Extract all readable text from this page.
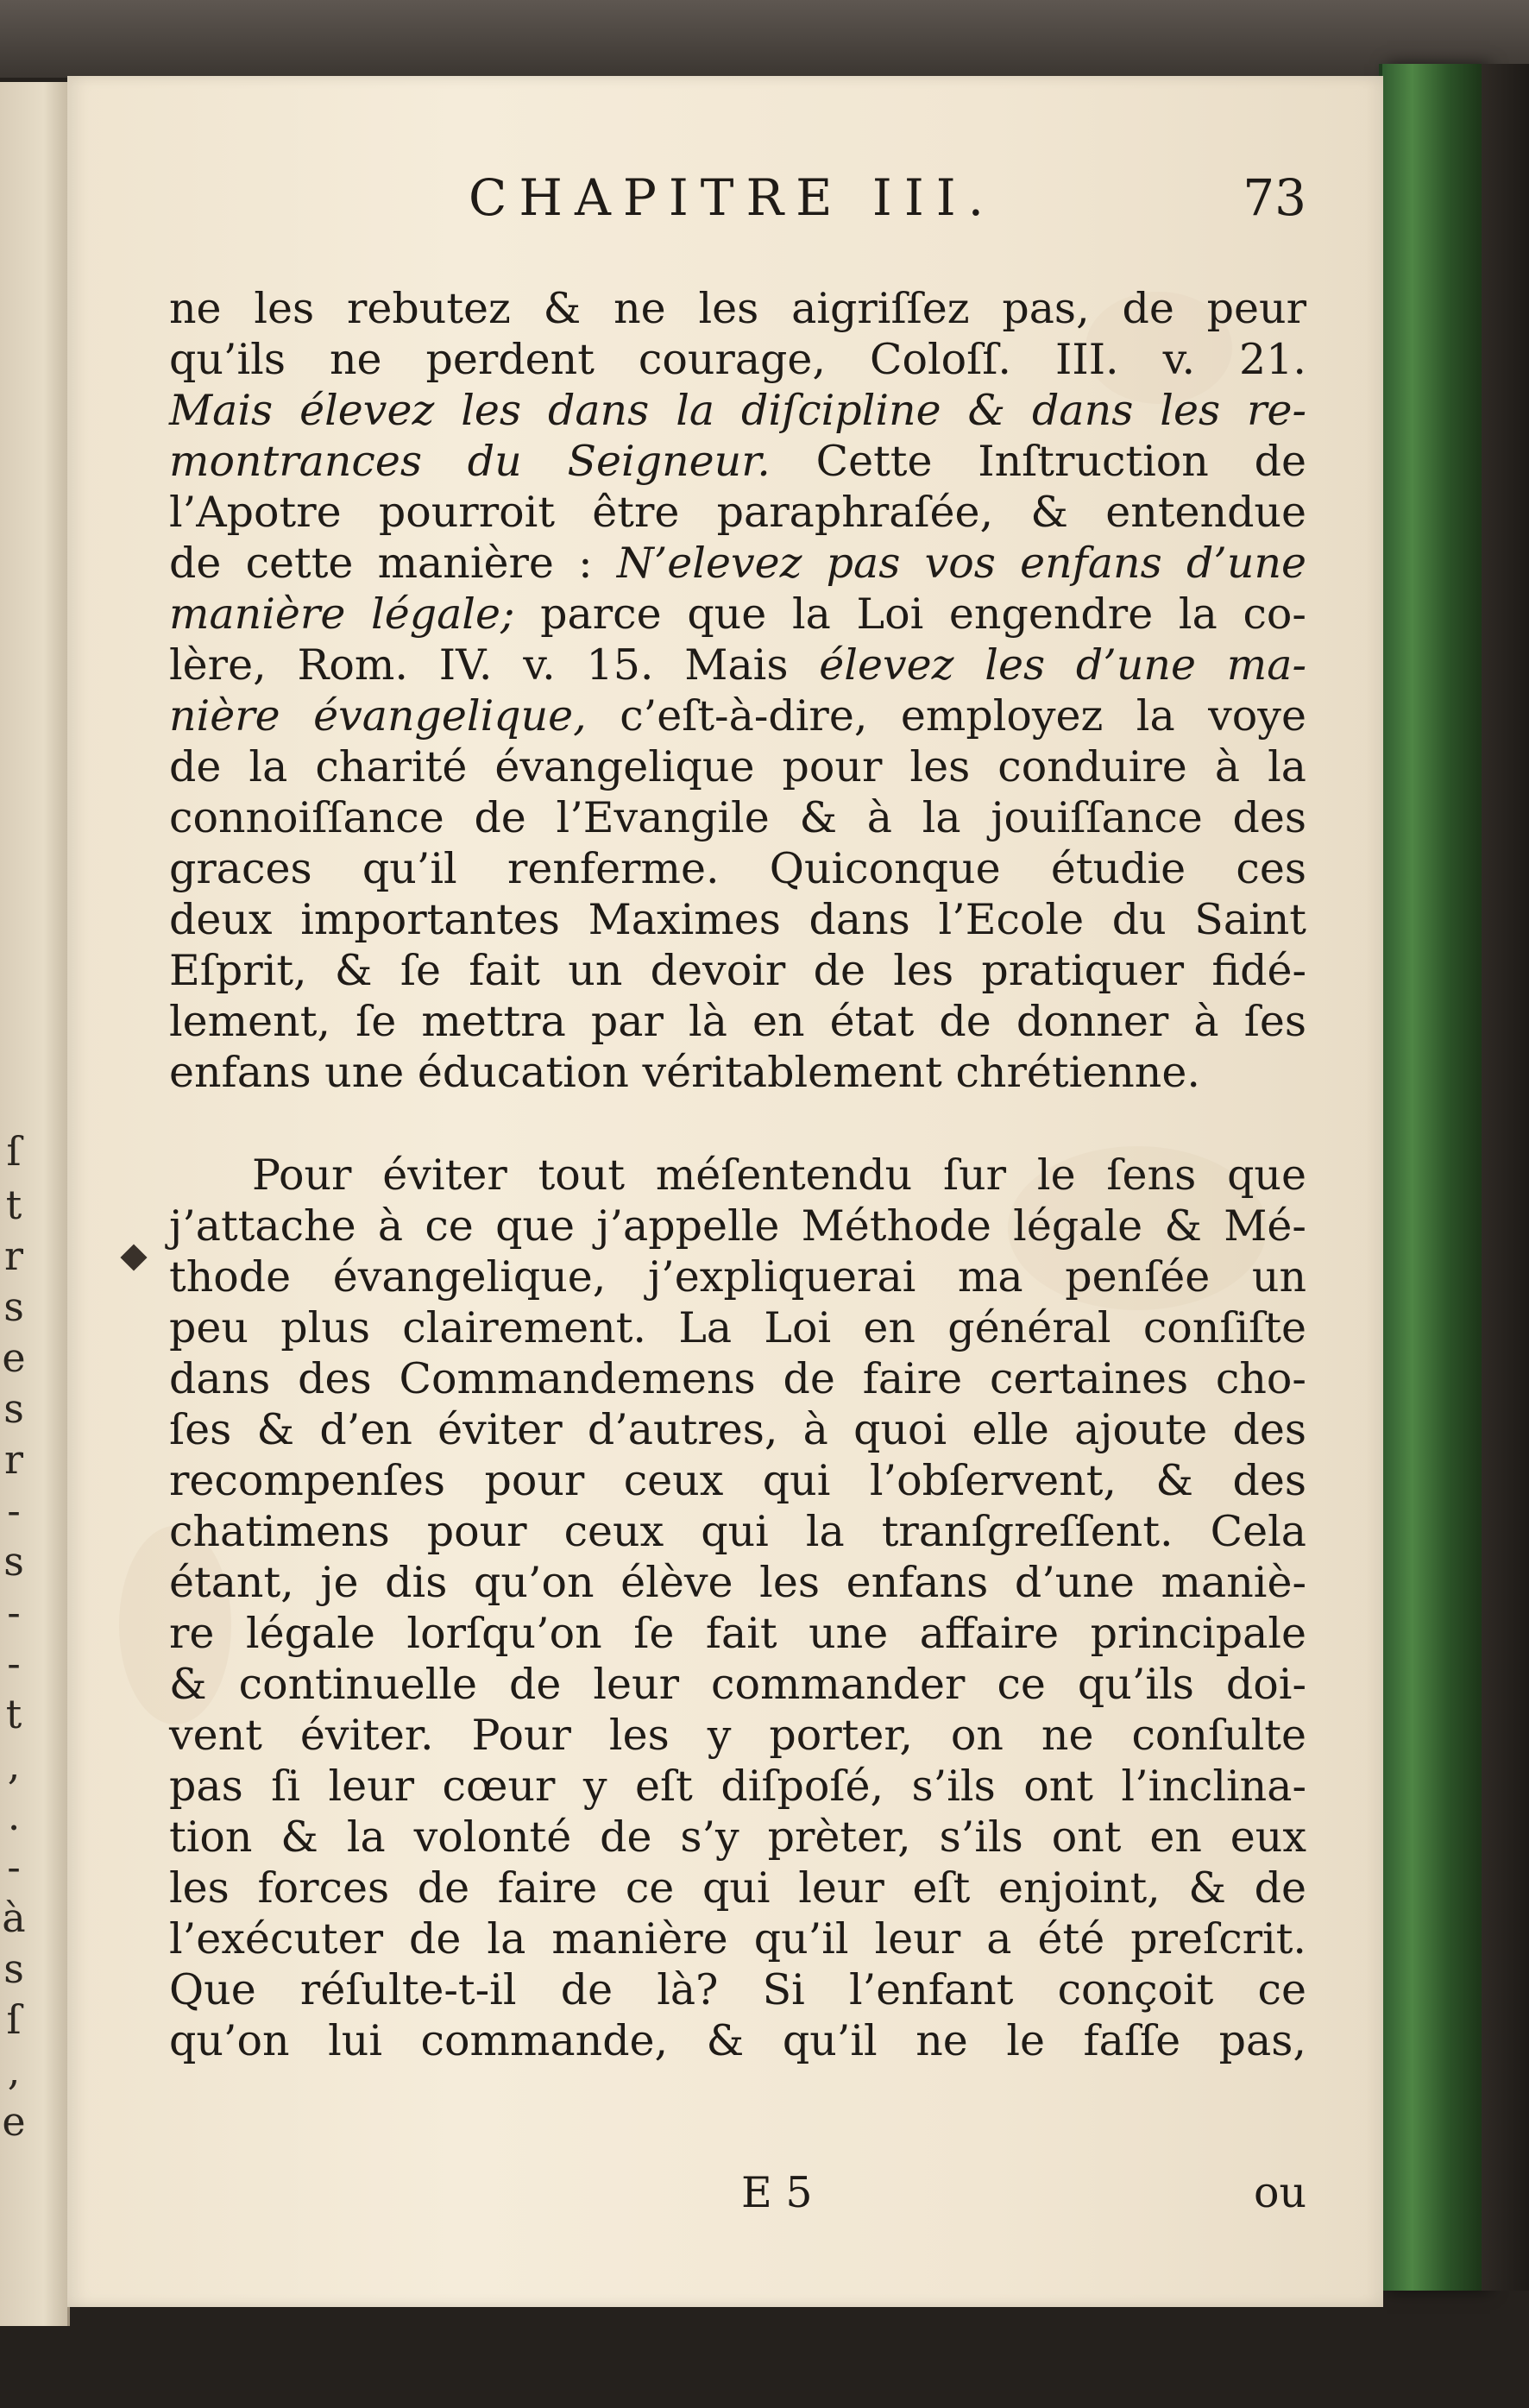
ſ
t
r
s
e
s
r
-
s
-
-
t
,
.
-
à
s
ſ
,
e
CHAPITRE III.	73
ne les rebutez & ne les aigriſſez pas, de peur
qu’ils ne perdent courage, Coloſſ. III. v. 21.
Mais élevez les dans la diſcipline & dans les re-
montrances du Seigneur. Cette Inſtruction de
l’Apotre pourroit être paraphraſée, & entendue
de cette manière : N’elevez pas vos enfans d’une
manière légale; parce que la Loi engendre la co-
lère, Rom. IV. v. 15. Mais élevez les d’une ma-
nière évangelique, c’eſt-à-dire, employez la voye
de la charité évangelique pour les conduire à la
connoiſſance de l’Evangile & à la jouiſſance des
graces qu’il renferme. Quiconque étudie ces
deux importantes Maximes dans l’Ecole du Saint
Eſprit, & ſe fait un devoir de les pratiquer fidé-
lement, ſe mettra par là en état de donner à ſes
enfans une éducation véritablement chrétienne.
Pour éviter tout méſentendu ſur le ſens que
j’attache à ce que j’appelle Méthode légale & Mé-
thode évangelique, j’expliquerai ma penſée un
peu plus clairement. La Loi en général conſiſte
dans des Commandemens de faire certaines cho-
ſes & d’en éviter d’autres, à quoi elle ajoute des
recompenſes pour ceux qui l’obſervent, & des
chatimens pour ceux qui la tranſgreſſent. Cela
étant, je dis qu’on élève les enfans d’une maniè-
re légale lorſqu’on ſe fait une affaire principale
& continuelle de leur commander ce qu’ils doi-
vent éviter. Pour les y porter, on ne conſulte
pas ſi leur cœur y eſt diſpoſé, s’ils ont l’inclina-
tion & la volonté de s’y prèter, s’ils ont en eux
les forces de faire ce qui leur eſt enjoint, & de
l’exécuter de la manière qu’il leur a été preſcrit.
Que réſulte-t-il de là? Si l’enfant conçoit ce
qu’on lui commande, & qu’il ne le faſſe pas,
E 5	ou
